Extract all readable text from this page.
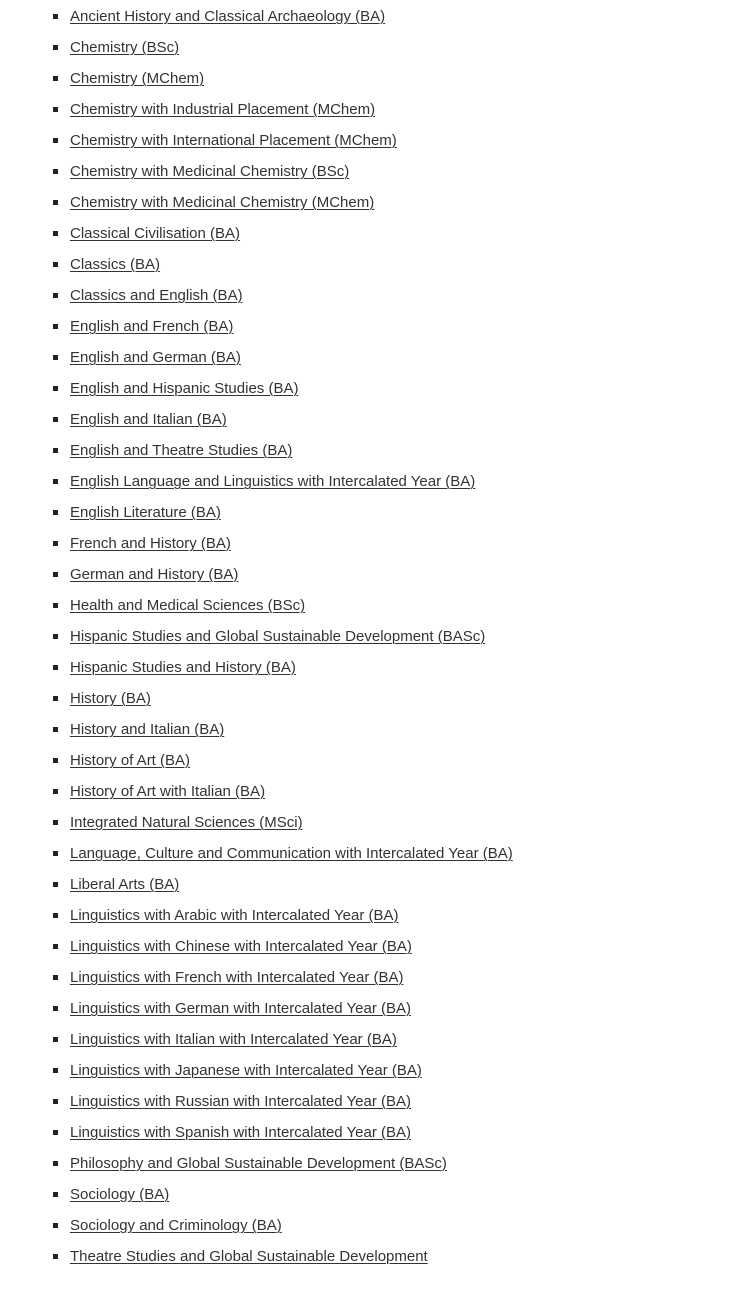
Ancient History and Classical Archaeology (BA)
Chemistry (BSc)
Chemistry (MChem)
Chemistry with Industrial Placement (MChem)
Chemistry with International Placement (MChem)
Chemistry with Medicinal Chemistry (BSc)
Chemistry with Medicinal Chemistry (MChem)
Classical Civilisation (BA)
Classics (BA)
Classics and English (BA)
English and French (BA)
English and German (BA)
English and Hispanic Studies (BA)
English and Italian (BA)
English and Theatre Studies (BA)
English Language and Linguistics with Intercalated Year (BA)
English Literature (BA)
French and History (BA)
German and History (BA)
Health and Medical Sciences (BSc)
Hispanic Studies and Global Sustainable Development (BASc)
Hispanic Studies and History (BA)
History (BA)
History and Italian (BA)
History of Art (BA)
History of Art with Italian (BA)
Integrated Natural Sciences (MSci)
Language, Culture and Communication with Intercalated Year (BA)
Liberal Arts (BA)
Linguistics with Arabic with Intercalated Year (BA)
Linguistics with Chinese with Intercalated Year (BA)
Linguistics with French with Intercalated Year (BA)
Linguistics with German with Intercalated Year (BA)
Linguistics with Italian with Intercalated Year (BA)
Linguistics with Japanese with Intercalated Year (BA)
Linguistics with Russian with Intercalated Year (BA)
Linguistics with Spanish with Intercalated Year (BA)
Philosophy and Global Sustainable Development (BASc)
Sociology (BA)
Sociology and Criminology (BA)
Theatre Studies and Global Sustainable Development
